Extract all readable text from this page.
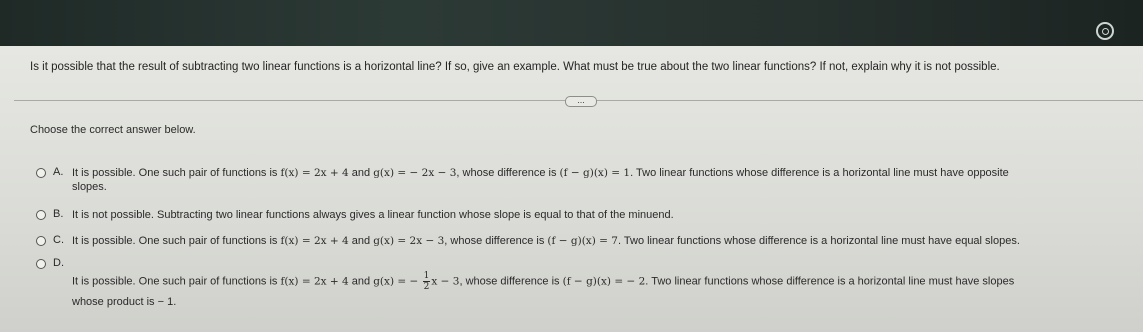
Is it possible that the result of subtracting two linear functions is a horizontal line? If so, give an example. What must be true about the two linear functions? If not, explain why it is not possible.
...
Choose the correct answer below.
A. It is possible. One such pair of functions is f(x) = 2x + 4 and g(x) = − 2x − 3, whose difference is (f − g)(x) = 1. Two linear functions whose difference is a horizontal line must have opposite
slopes.
B. It is not possible. Subtracting two linear functions always gives a linear function whose slope is equal to that of the minuend.
C. It is possible. One such pair of functions is f(x) = 2x + 4 and g(x) = 2x − 3, whose difference is (f − g)(x) = 7. Two linear functions whose difference is a horizontal line must have equal slopes.
D.
It is possible. One such pair of functions is f(x) = 2x + 4 and g(x) = − $\frac{1}{2}$ x − 3, whose difference is (f − g)(x) = − 2. Two linear functions whose difference is a horizontal line must have slopes
whose product is − 1.
